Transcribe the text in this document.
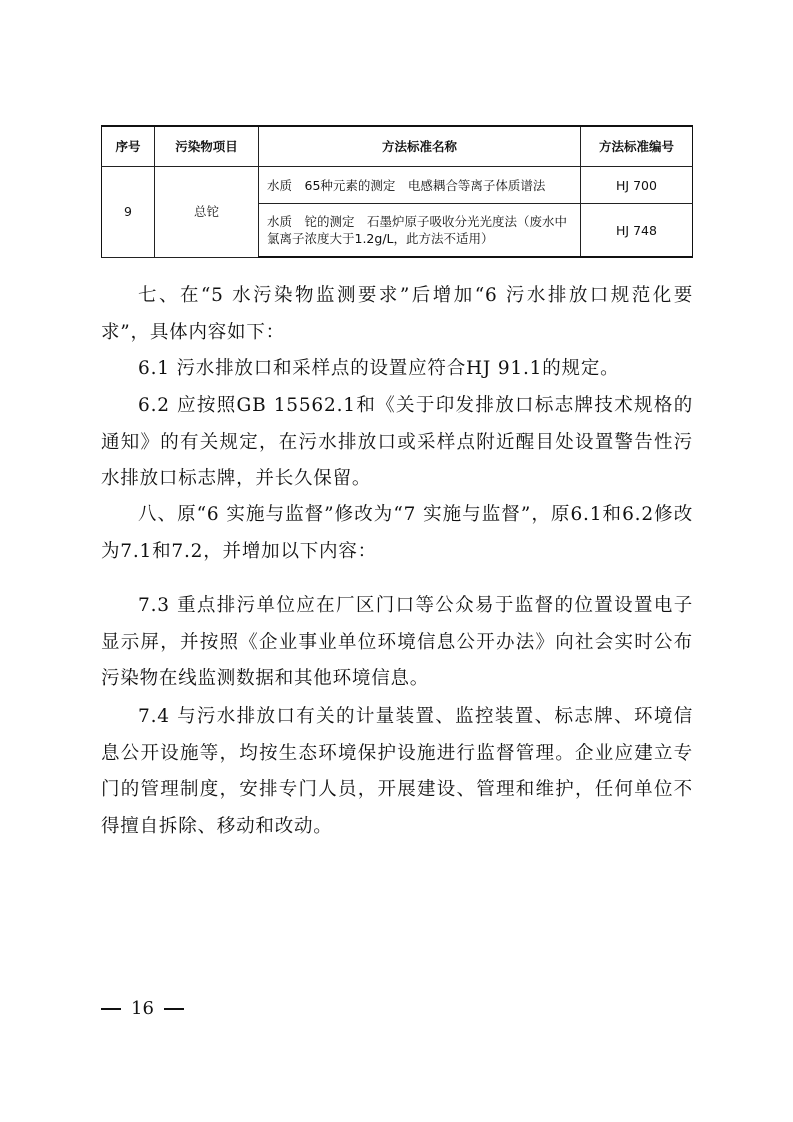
序号	污染物项目	方法标准名称	方法标准编号
9	总铊	水质　65种元素的测定　电感耦合等离子体质谱法	HJ 700
		水质　铊的测定　石墨炉原子吸收分光光度法（废水中氯离子浓度大于1.2g/L，此方法不适用）	HJ 748

七、在“5 水污染物监测要求”后增加“6 污水排放口规范化要求”，具体内容如下：

6.1 污水排放口和采样点的设置应符合HJ 91.1的规定。

6.2 应按照GB 15562.1和《关于印发排放口标志牌技术规格的通知》的有关规定，在污水排放口或采样点附近醒目处设置警告性污水排放口标志牌，并长久保留。

八、原“6 实施与监督”修改为“7 实施与监督”，原6.1和6.2修改为7.1和7.2，并增加以下内容：

7.3 重点排污单位应在厂区门口等公众易于监督的位置设置电子显示屏，并按照《企业事业单位环境信息公开办法》向社会实时公布污染物在线监测数据和其他环境信息。

7.4 与污水排放口有关的计量装置、监控装置、标志牌、环境信息公开设施等，均按生态环境保护设施进行监督管理。企业应建立专门的管理制度，安排专门人员，开展建设、管理和维护，任何单位不得擅自拆除、移动和改动。

16
